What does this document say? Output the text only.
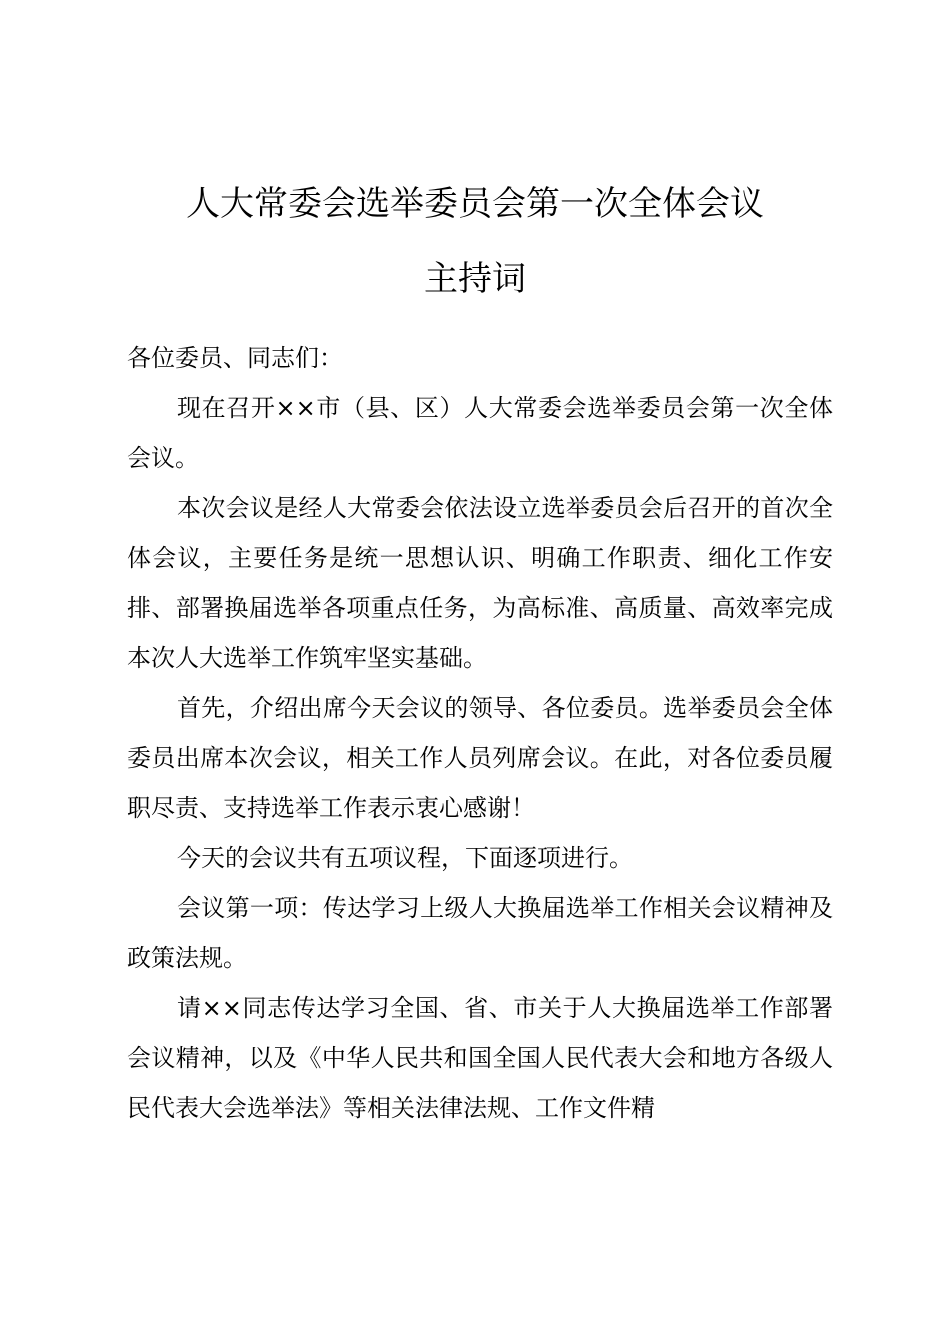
人大常委会选举委员会第一次全体会议
主持词

各位委员、同志们：

现在召开××市（县、区）人大常委会选举委员会第一次全体会议。

本次会议是经人大常委会依法设立选举委员会后召开的首次全体会议，主要任务是统一思想认识、明确工作职责、细化工作安排、部署换届选举各项重点任务，为高标准、高质量、高效率完成本次人大选举工作筑牢坚实基础。

首先，介绍出席今天会议的领导、各位委员。选举委员会全体委员出席本次会议，相关工作人员列席会议。在此，对各位委员履职尽责、支持选举工作表示衷心感谢！

今天的会议共有五项议程，下面逐项进行。

会议第一项：传达学习上级人大换届选举工作相关会议精神及政策法规。

请××同志传达学习全国、省、市关于人大换届选举工作部署会议精神，以及《中华人民共和国全国人民代表大会和地方各级人民代表大会选举法》等相关法律法规、工作文件精
